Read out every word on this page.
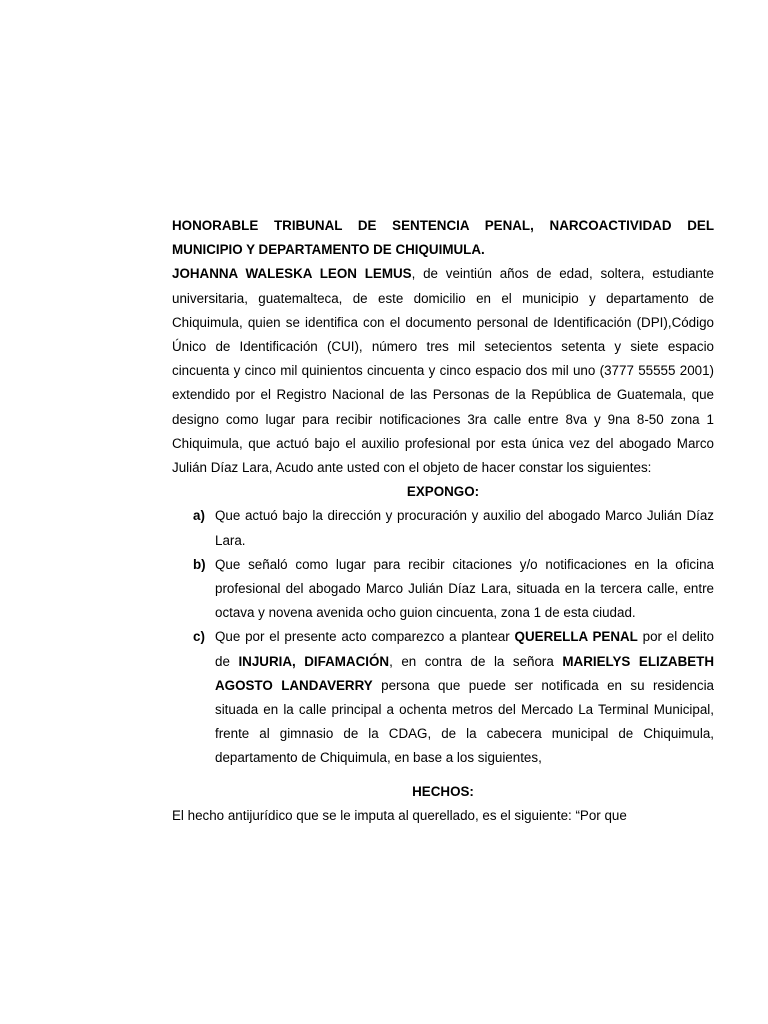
HONORABLE TRIBUNAL DE SENTENCIA PENAL, NARCOACTIVIDAD DEL MUNICIPIO Y DEPARTAMENTO DE CHIQUIMULA.

JOHANNA WALESKA LEON LEMUS, de veintiún años de edad, soltera, estudiante universitaria, guatemalteca, de este domicilio en el municipio y departamento de Chiquimula, quien se identifica con el documento personal de Identificación (DPI),Código Único de Identificación (CUI), número tres mil setecientos setenta y siete espacio cincuenta y cinco mil quinientos cincuenta y cinco espacio dos mil uno (3777 55555 2001) extendido por el Registro Nacional de las Personas de la República de Guatemala, que designo como lugar para recibir notificaciones 3ra calle entre 8va y 9na 8-50 zona 1 Chiquimula, que actuó bajo el auxilio profesional por esta única vez del abogado Marco Julián Díaz Lara, Acudo ante usted con el objeto de hacer constar los siguientes:

EXPONGO:

a) Que actuó bajo la dirección y procuración y auxilio del abogado Marco Julián Díaz Lara.
b) Que señaló como lugar para recibir citaciones y/o notificaciones en la oficina profesional del abogado Marco Julián Díaz Lara, situada en la tercera calle, entre octava y novena avenida ocho guion cincuenta, zona 1 de esta ciudad.
c) Que por el presente acto comparezco a plantear QUERELLA PENAL por el delito de INJURIA, DIFAMACIÓN, en contra de la señora MARIELYS ELIZABETH AGOSTO LANDAVERRY persona que puede ser notificada en su residencia situada en la calle principal a ochenta metros del Mercado La Terminal Municipal, frente al gimnasio de la CDAG, de la cabecera municipal de Chiquimula, departamento de Chiquimula, en base a los siguientes,

HECHOS:

El hecho antijurídico que se le imputa al querellado, es el siguiente: “Por que
